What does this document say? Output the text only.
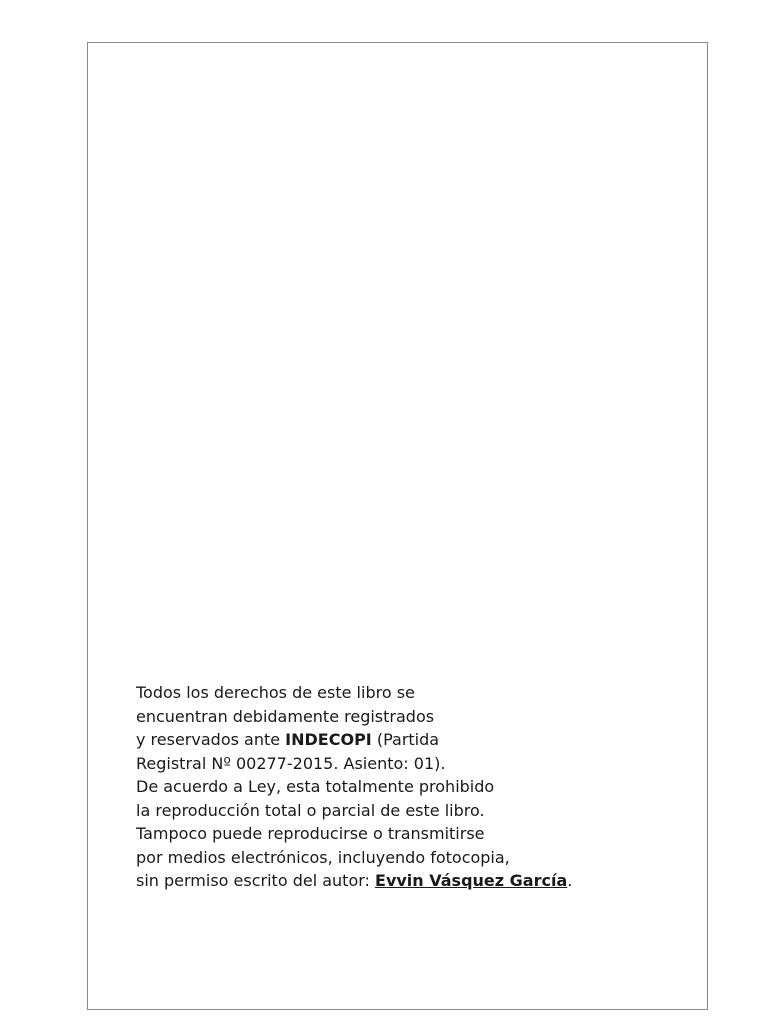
Todos los derechos de este libro se
encuentran debidamente registrados
y reservados ante INDECOPI (Partida
Registral Nº 00277-2015. Asiento: 01).
De acuerdo a Ley, esta totalmente prohibido
la reproducción total o parcial de este libro.
Tampoco puede reproducirse o transmitirse
por medios electrónicos, incluyendo fotocopia,
sin permiso escrito del autor: Evvin Vásquez García.
